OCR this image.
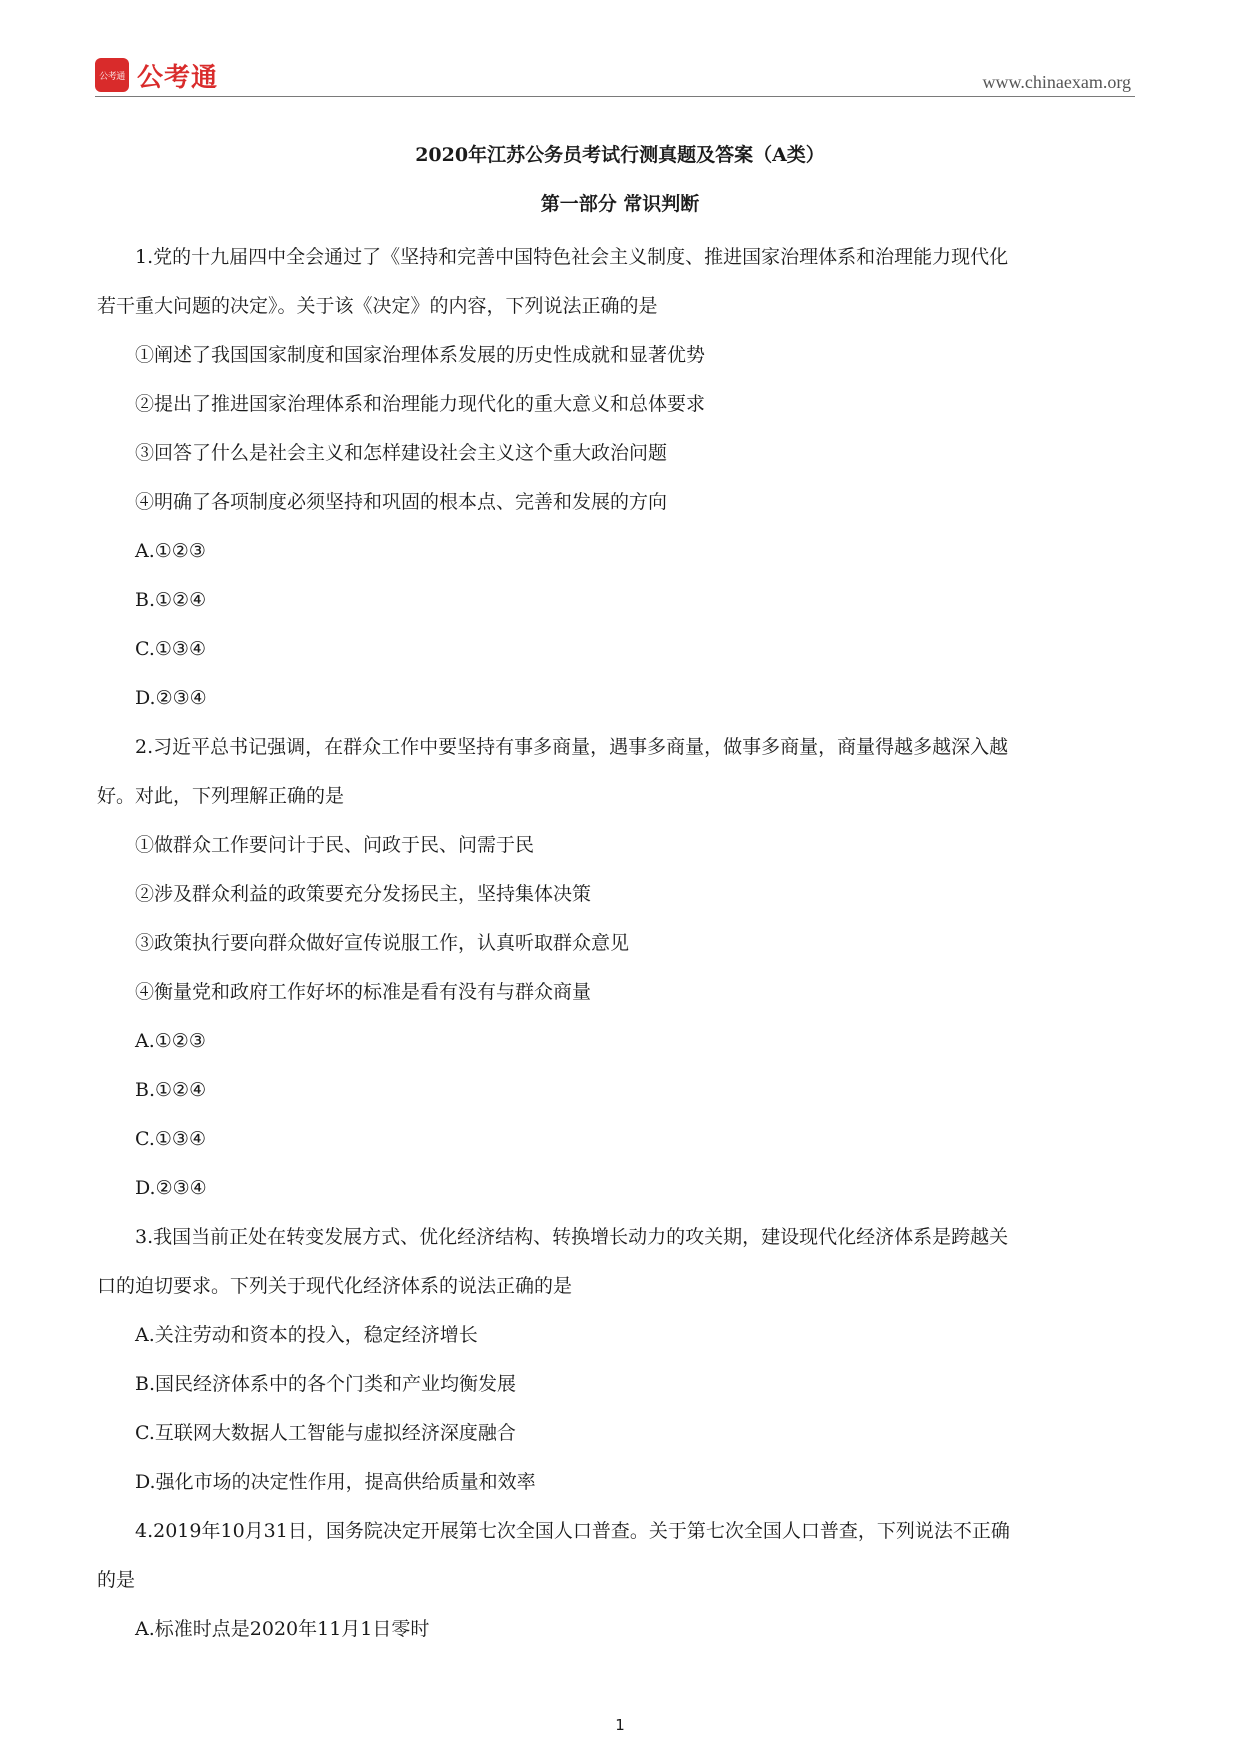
公考通 公考通	www.chinaexam.org
2020年江苏公务员考试行测真题及答案（A类）
第一部分 常识判断

1.党的十九届四中全会通过了《坚持和完善中国特色社会主义制度、推进国家治理体系和治理能力现代化

若干重大问题的决定》。关于该《决定》的内容，下列说法正确的是

①阐述了我国国家制度和国家治理体系发展的历史性成就和显著优势

②提出了推进国家治理体系和治理能力现代化的重大意义和总体要求

③回答了什么是社会主义和怎样建设社会主义这个重大政治问题

④明确了各项制度必须坚持和巩固的根本点、完善和发展的方向

A.①②③

B.①②④

C.①③④

D.②③④

2.习近平总书记强调，在群众工作中要坚持有事多商量，遇事多商量，做事多商量，商量得越多越深入越

好。对此，下列理解正确的是

①做群众工作要问计于民、问政于民、问需于民

②涉及群众利益的政策要充分发扬民主，坚持集体决策

③政策执行要向群众做好宣传说服工作，认真听取群众意见

④衡量党和政府工作好坏的标准是看有没有与群众商量

A.①②③

B.①②④

C.①③④

D.②③④

3.我国当前正处在转变发展方式、优化经济结构、转换增长动力的攻关期，建设现代化经济体系是跨越关

口的迫切要求。下列关于现代化经济体系的说法正确的是

A.关注劳动和资本的投入，稳定经济增长

B.国民经济体系中的各个门类和产业均衡发展

C.互联网大数据人工智能与虚拟经济深度融合

D.强化市场的决定性作用，提高供给质量和效率

4.2019年10月31日，国务院决定开展第七次全国人口普查。关于第七次全国人口普查，下列说法不正确

的是

A.标准时点是2020年11月1日零时

1
